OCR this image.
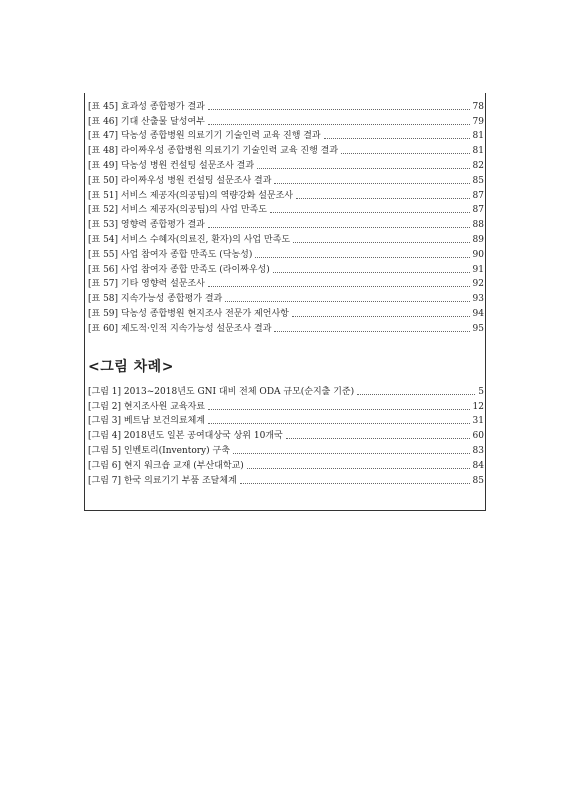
[표 45] 효과성 종합평가 결과	78
[표 46] 기대 산출물 달성여부	79
[표 47] 닥농성 종합병원 의료기기 기술인력 교육 진행 결과	81
[표 48] 라이짜우성 종합병원 의료기기 기술인력 교육 진행 결과	81
[표 49] 닥농성 병원 컨설팅 설문조사 결과	82
[표 50] 라이짜우성 병원 컨설팅 설문조사 결과	85
[표 51] 서비스 제공자(의공팀)의 역량강화 설문조사	87
[표 52] 서비스 제공자(의공팀)의 사업 만족도	87
[표 53] 영향력 종합평가 결과	88
[표 54] 서비스 수혜자(의료진, 환자)의 사업 만족도	89
[표 55] 사업 참여자 종합 만족도 (닥농성)	90
[표 56] 사업 참여자 종합 만족도 (라이짜우성)	91
[표 57] 기타 영향력 설문조사	92
[표 58] 지속가능성 종합평가 결과	93
[표 59] 닥농성 종합병원 현지조사 전문가 제언사항	94
[표 60] 제도적·인적 지속가능성 설문조사 결과	95
<그림 차례>
[그림 1] 2013~2018년도 GNI 대비 전체 ODA 규모(순지출 기준)	5
[그림 2] 현지조사원 교육자료	12
[그림 3] 베트남 보건의료체계	31
[그림 4] 2018년도 일본 공여대상국 상위 10개국	60
[그림 5] 인벤토리(Inventory) 구축	83
[그림 6] 현지 워크숍 교재 (부산대학교)	84
[그림 7] 한국 의료기기 부품 조달체계	85
